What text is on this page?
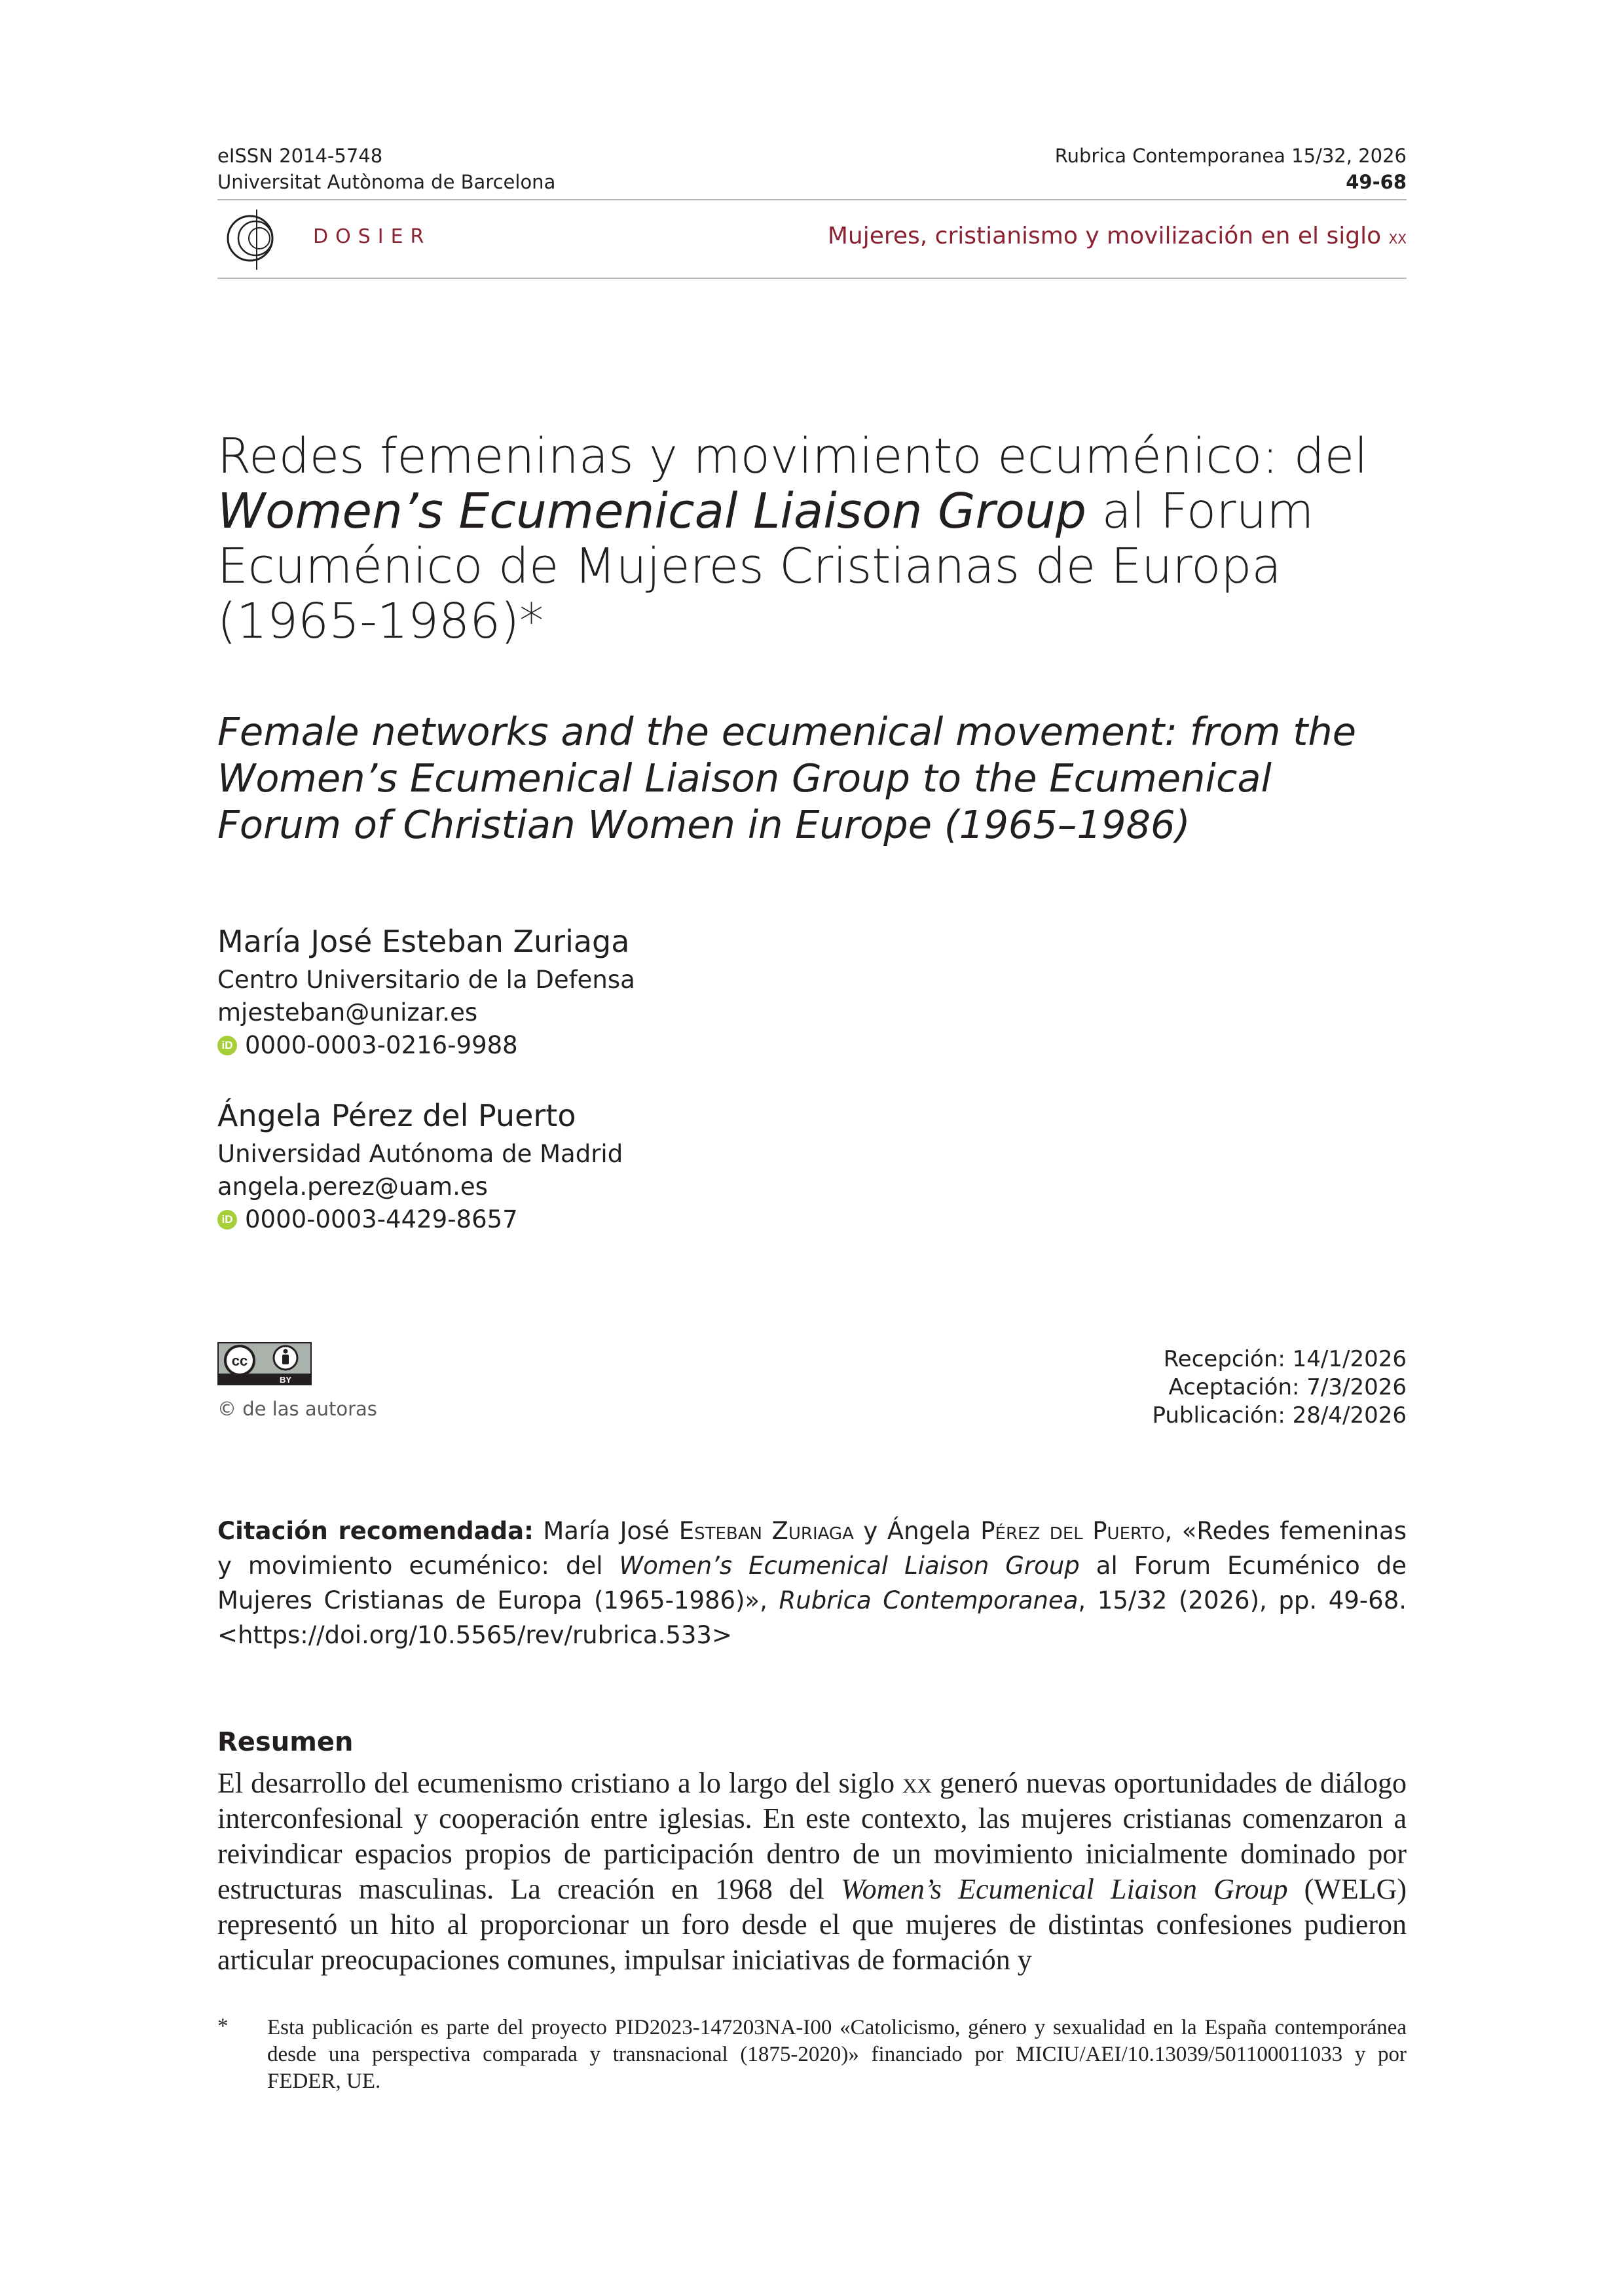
eISSN 2014-5748
Universitat Autònoma de Barcelona
Rubrica Contemporanea 15/32, 2026
49-68
DOSIER	Mujeres, cristianismo y movilización en el siglo xx
Redes femeninas y movimiento ecuménico: del
Women’s Ecumenical Liaison Group al Forum Ecuménico de Mujeres Cristianas de Europa (1965-1986)*
Female networks and the ecumenical movement: from the Women’s Ecumenical Liaison Group to the Ecumenical Forum of Christian Women in Europe (1965–1986)
María José Esteban Zuriaga
Centro Universitario de la Defensa
mjesteban@unizar.es
iD 0000-0003-0216-9988
Ángela Pérez del Puerto
Universidad Autónoma de Madrid
angela.perez@uam.es
iD 0000-0003-4429-8657
cc
BY
© de las autoras
Recepción: 14/1/2026
Aceptación: 7/3/2026
Publicación: 28/4/2026
Citación recomendada: María José Esteban Zuriaga y Ángela Pérez del Puerto, «Redes femeninas y movimiento ecuménico: del Women’s Ecumenical Liaison Group al Forum Ecuménico de Mujeres Cristianas de Europa (1965-1986)», Rubrica Contemporanea, 15/32 (2026), pp. 49-68. <https://doi.org/10.5565/rev/rubrica.533>
Resumen
El desarrollo del ecumenismo cristiano a lo largo del siglo xx generó nuevas oportunidades de diálogo interconfesional y cooperación entre iglesias. En este contexto, las mujeres cristianas comenzaron a reivindicar espacios propios de participación dentro de un movimiento inicialmente dominado por estructuras masculinas. La creación en 1968 del Women’s Ecumenical Liaison Group (WELG) representó un hito al proporcionar un foro desde el que mujeres de distintas confesiones pudieron articular preocupaciones comunes, impulsar iniciativas de formación y
* Esta publicación es parte del proyecto PID2023-147203NA-I00 «Catolicismo, género y sexualidad en la España contemporánea desde una perspectiva comparada y transnacional (1875-2020)» financiado por MICIU/AEI/10.13039/501100011033 y por FEDER, UE.
